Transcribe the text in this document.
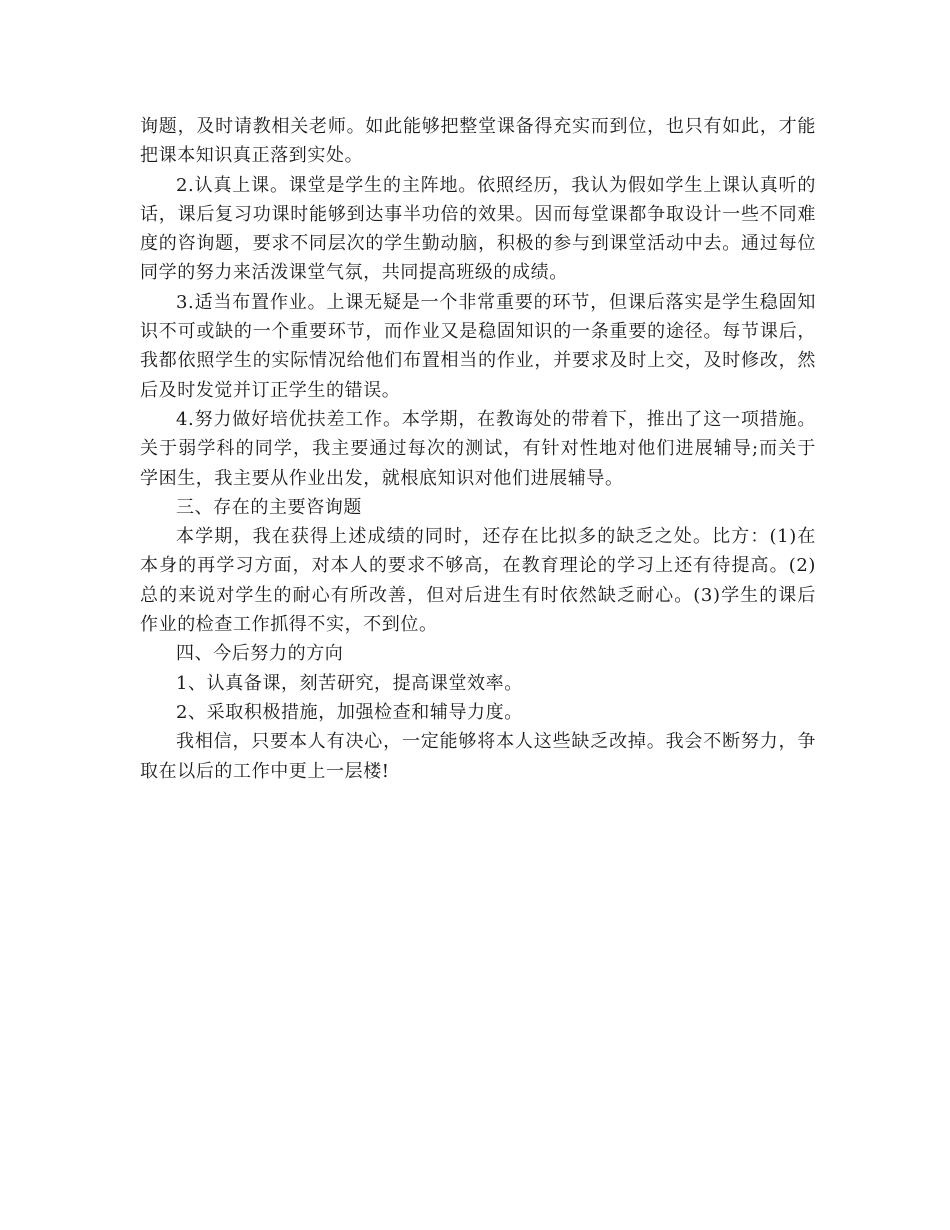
询题，及时请教相关老师。如此能够把整堂课备得充实而到位，也只有如此，才能把课本知识真正落到实处。

2.认真上课。课堂是学生的主阵地。依照经历，我认为假如学生上课认真听的话，课后复习功课时能够到达事半功倍的效果。因而每堂课都争取设计一些不同难度的咨询题，要求不同层次的学生勤动脑，积极的参与到课堂活动中去。通过每位同学的努力来活泼课堂气氛，共同提高班级的成绩。

3.适当布置作业。上课无疑是一个非常重要的环节，但课后落实是学生稳固知识不可或缺的一个重要环节，而作业又是稳固知识的一条重要的途径。每节课后，我都依照学生的实际情况给他们布置相当的作业，并要求及时上交，及时修改，然后及时发觉并订正学生的错误。

4.努力做好培优扶差工作。本学期，在教诲处的带着下，推出了这一项措施。关于弱学科的同学，我主要通过每次的测试，有针对性地对他们进展辅导;而关于学困生，我主要从作业出发，就根底知识对他们进展辅导。

三、存在的主要咨询题

本学期，我在获得上述成绩的同时，还存在比拟多的缺乏之处。比方：(1)在本身的再学习方面，对本人的要求不够高，在教育理论的学习上还有待提高。(2)总的来说对学生的耐心有所改善，但对后进生有时依然缺乏耐心。(3)学生的课后作业的检查工作抓得不实，不到位。

四、今后努力的方向

1、认真备课，刻苦研究，提高课堂效率。

2、采取积极措施，加强检查和辅导力度。

我相信，只要本人有决心，一定能够将本人这些缺乏改掉。我会不断努力，争取在以后的工作中更上一层楼!
